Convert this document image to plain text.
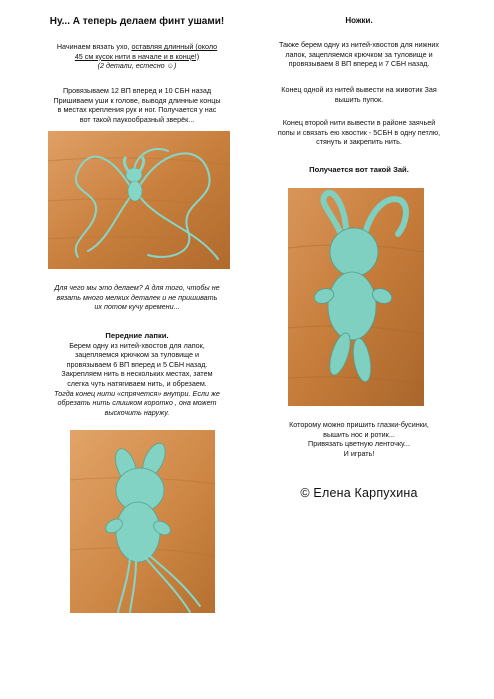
Ну... А теперь делаем финт ушами!

Начинаем вязать ухо, оставляя длинный (около

45 см кусок нити в начале и в конце!)

(2 детали, естесно ☺)

Провязываем 12 ВП вперед и 10 СБН назад

Пришиваем уши к голове, выводя длинные концы

в местах крепления рук и ног. Получается у нас

вот такой паукообразный зверёк...

Для чего мы это делаем? А для того, чтобы не

вязать много мелких деталек и не пришивать

их потом кучу времени...

Передние лапки.

Берем одну из нитей-хвостов для лапок,

зацепляемся крючком за туловище и

провязываем 6 ВП вперед и 5 СБН назад.

Закрепляем нить в нескольких местах, затем

слегка чуть натягиваем нить, и обрезаем.

Тогда конец нити «спрячется» внутри. Если же

обрезать нить слишком коротко , она может

выскочить наружу.

Ножки.

Также берем одну из нитей-хвостов для нижних

лапок, зацепляемся крючком за туловище и

провязываем 8 ВП вперед и 7 СБН назад.

Конец одной из нитей вывести на животик Зая

вышить пупок.

Конец второй нити вывести в районе заячьей

попы и связать ею хвостик - 5СБН в одну петлю,

стянуть и закрепить нить.

Получается вот такой Зай.

Которому можно пришить глазки-бусинки,

вышить нос и ротик...

Привязать цветную ленточку...

И играть!

© Елена Карпухина
